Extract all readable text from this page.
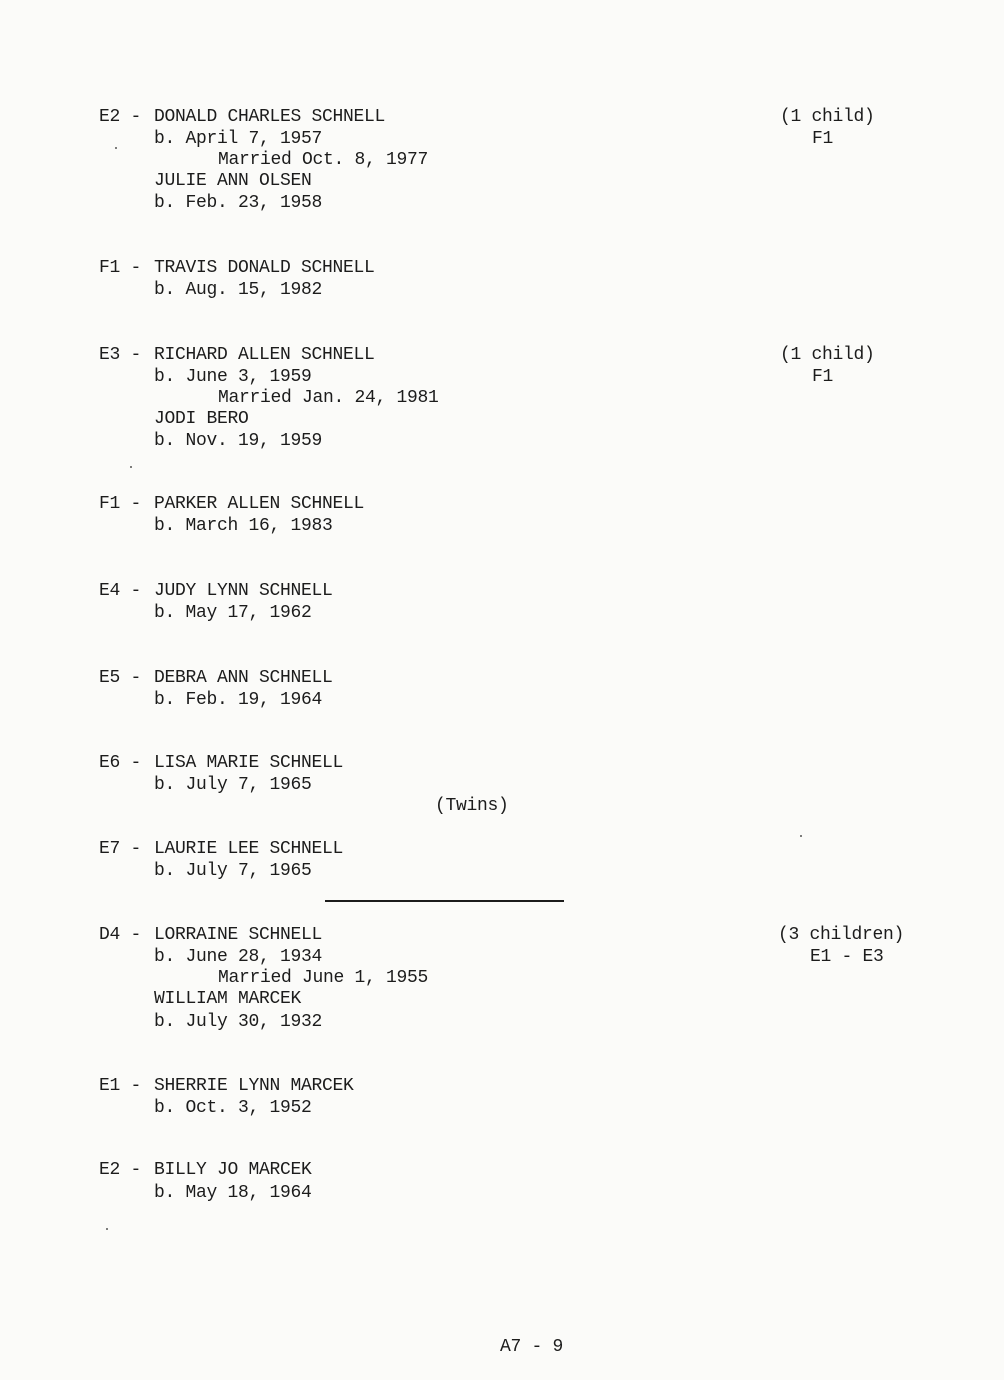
E2 - DONALD CHARLES SCHNELL
b. April 7, 1957
Married Oct. 8, 1977
JULIE ANN OLSEN
b. Feb. 23, 1958
(1 child)
F1
F1 - TRAVIS DONALD SCHNELL
b. Aug. 15, 1982
E3 - RICHARD ALLEN SCHNELL
b. June 3, 1959
Married Jan. 24, 1981
JODI BERO
b. Nov. 19, 1959
(1 child)
F1
F1 - PARKER ALLEN SCHNELL
b. March 16, 1983
E4 - JUDY LYNN SCHNELL
b. May 17, 1962
E5 - DEBRA ANN SCHNELL
b. Feb. 19, 1964
E6 - LISA MARIE SCHNELL
b. July 7, 1965
(Twins)
E7 - LAURIE LEE SCHNELL
b. July 7, 1965
D4 - LORRAINE SCHNELL
b. June 28, 1934
Married June 1, 1955
WILLIAM MARCEK
b. July 30, 1932
(3 children)
E1 - E3
E1 - SHERRIE LYNN MARCEK
b. Oct. 3, 1952
E2 - BILLY JO MARCEK
b. May 18, 1964
A7 - 9
